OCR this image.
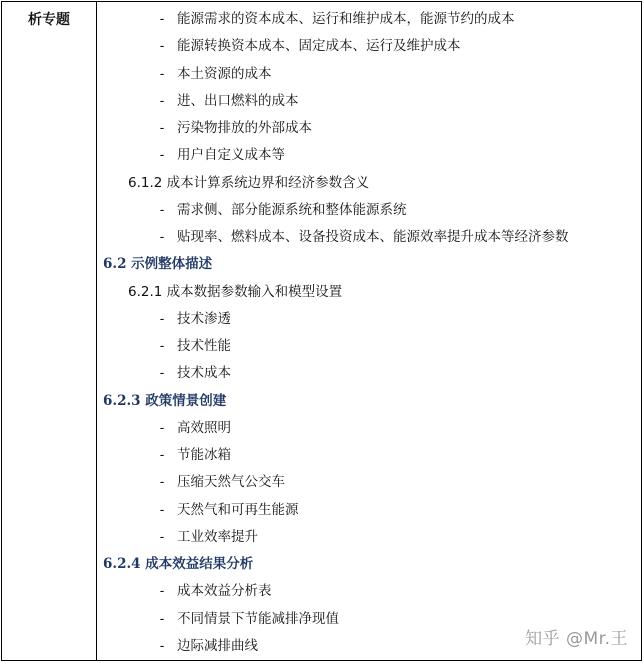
析专题	- 能源需求的资本成本、运行和维护成本，能源节约的成本
- 能源转换资本成本、固定成本、运行及维护成本
- 本土资源的成本
- 进、出口燃料的成本
- 污染物排放的外部成本
- 用户自定义成本等
6.1.2 成本计算系统边界和经济参数含义
- 需求侧、部分能源系统和整体能源系统
- 贴现率、燃料成本、设备投资成本、能源效率提升成本等经济参数
6.2 示例整体描述
6.2.1 成本数据参数输入和模型设置
- 技术渗透
- 技术性能
- 技术成本
6.2.3 政策情景创建
- 高效照明
- 节能冰箱
- 压缩天然气公交车
- 天然气和可再生能源
- 工业效率提升
6.2.4 成本效益结果分析
- 成本效益分析表
- 不同情景下节能减排净现值
- 边际减排曲线	知乎 @Mr.王
